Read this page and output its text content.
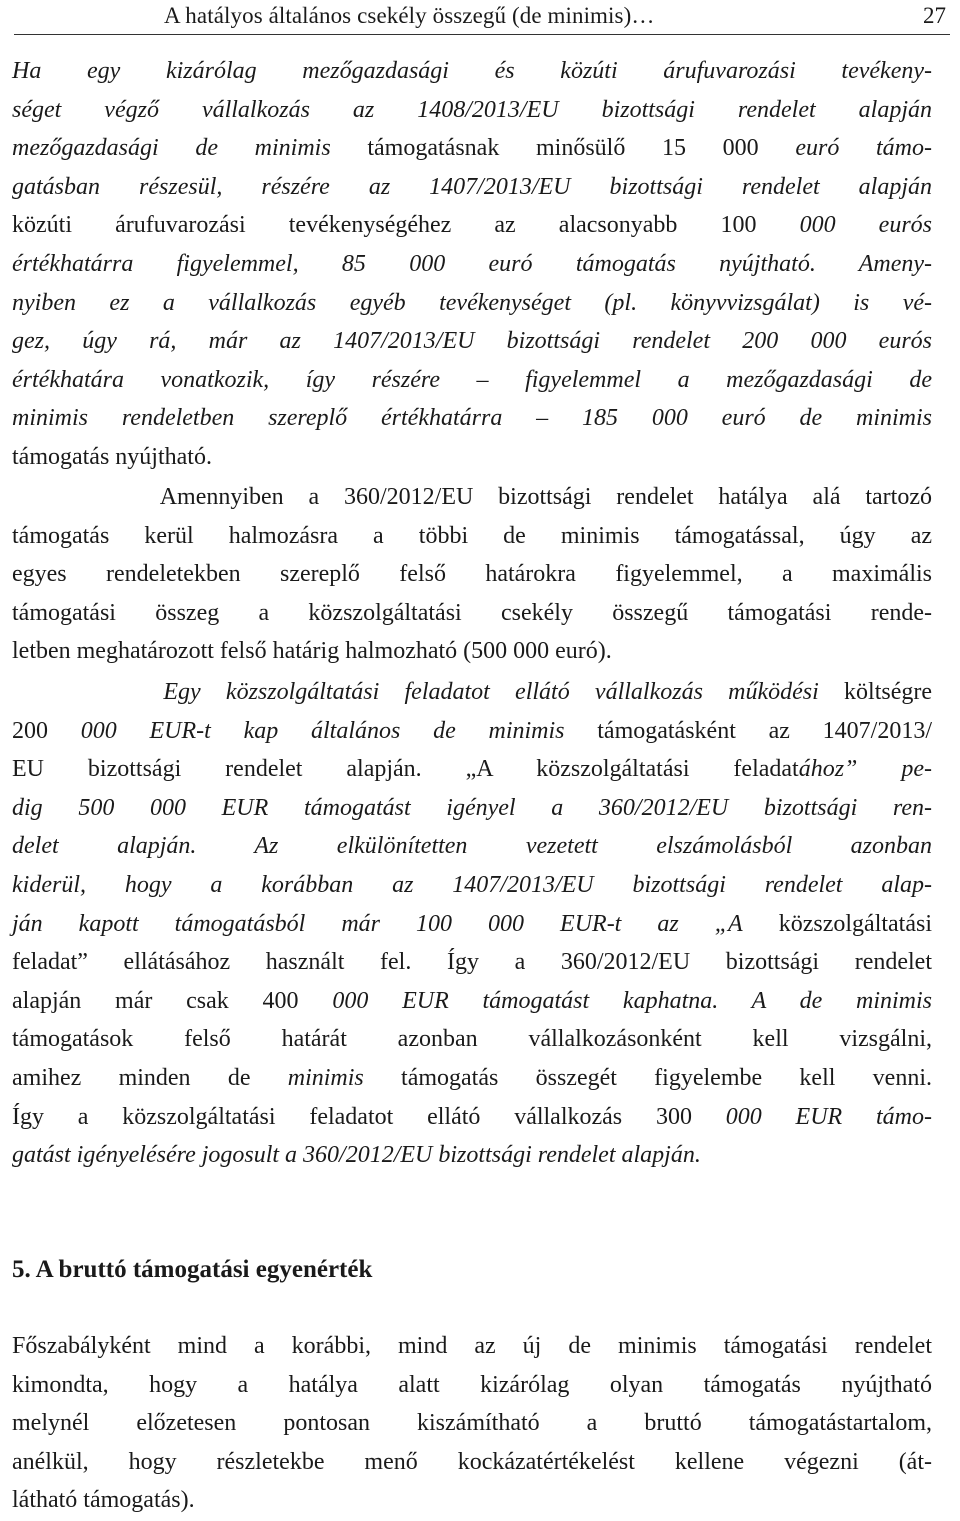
A hatályos általános csekély összegű (de minimis)…	27
Ha egy kizárólag mezőgazdasági és közúti árufuvarozási tevékeny-
séget végző vállalkozás az 1408/2013/EU bizottsági rendelet alapján
mezőgazdasági de minimis támogatásnak minősülő 15 000 euró támo-
gatásban részesül, részére az 1407/2013/EU bizottsági rendelet alapján
közúti árufuvarozási tevékenységéhez az alacsonyabb 100 000 eurós
értékhatárra figyelemmel, 85 000 euró támogatás nyújtható. Ameny-
nyiben ez a vállalkozás egyéb tevékenységet (pl. könyvvizsgálat) is vé-
gez, úgy rá, már az 1407/2013/EU bizottsági rendelet 200 000 eurós
értékhatára vonatkozik, így részére – figyelemmel a mezőgazdasági de
minimis rendeletben szereplő értékhatárra – 185 000 euró de minimis
támogatás nyújtható.
Amennyiben a 360/2012/EU bizottsági rendelet hatálya alá tartozó
támogatás kerül halmozásra a többi de minimis támogatással, úgy az
egyes rendeletekben szereplő felső határokra figyelemmel, a maximális
támogatási összeg a közszolgáltatási csekély összegű támogatási rende-
letben meghatározott felső határig halmozható (500 000 euró).
Egy közszolgáltatási feladatot ellátó vállalkozás működési költségre
200 000 EUR-t kap általános de minimis támogatásként az 1407/2013/
EU bizottsági rendelet alapján. „A közszolgáltatási feladatához” pe-
dig 500 000 EUR támogatást igényel a 360/2012/EU bizottsági ren-
delet alapján. Az elkülönítetten vezetett elszámolásból azonban
kiderül, hogy a korábban az 1407/2013/EU bizottsági rendelet alap-
ján kapott támogatásból már 100 000 EUR-t az „A közszolgáltatási
feladat” ellátásához használt fel. Így a 360/2012/EU bizottsági rendelet
alapján már csak 400 000 EUR támogatást kaphatna. A de minimis
támogatások felső határát azonban vállalkozásonként kell vizsgálni,
amihez minden de minimis támogatás összegét figyelembe kell venni.
Így a közszolgáltatási feladatot ellátó vállalkozás 300 000 EUR támo-
gatást igényelésére jogosult a 360/2012/EU bizottsági rendelet alapján.
Főszabályként mind a korábbi, mind az új de minimis támogatási rendelet
kimondta, hogy a hatálya alatt kizárólag olyan támogatás nyújtható
melynél előzetesen pontosan kiszámítható a bruttó támogatástartalom,
anélkül, hogy részletekbe menő kockázatértékelést kellene végezni (át-
látható támogatás).
5. A bruttó támogatási egyenérték
